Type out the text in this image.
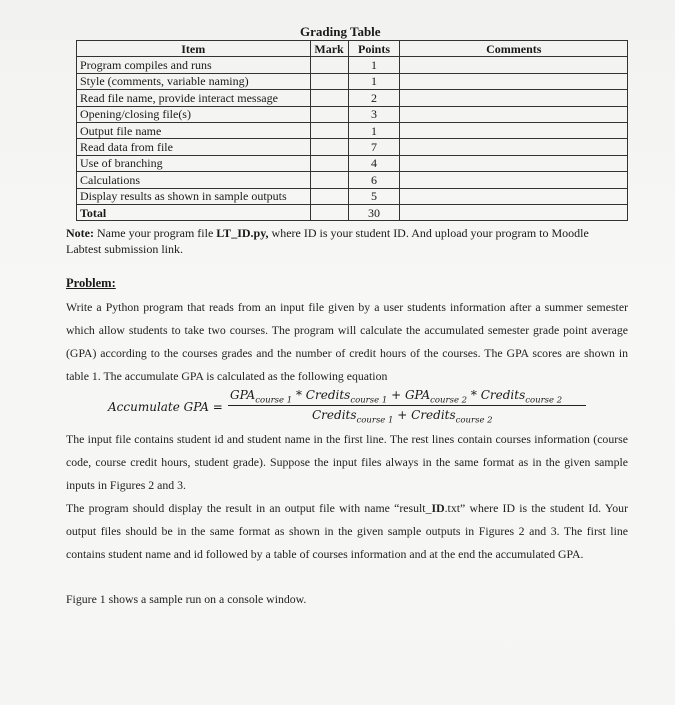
Grading Table
Item	Mark	Points	Comments
Program compiles and runs		1	
Style (comments, variable naming)		1	
Read file name, provide interact message		2	
Opening/closing file(s)		3	
Output file name		1	
Read data from file		7	
Use of branching		4	
Calculations		6	
Display results as shown in sample outputs		5	
Total		30	
Note: Name your program file LT_ID.py, where ID is your student ID. And upload your program to Moodle Labtest submission link.
Problem:
Write a Python program that reads from an input file given by a user students information after a summer semester which allow students to take two courses. The program will calculate the accumulated semester grade point average (GPA) according to the courses grades and the number of credit hours of the courses. The GPA scores are shown in table 1. The accumulate GPA is calculated as the following equation
Accumulate GPA =
$GPA_{course 1}$ * Credits$_{course 1}$ + $GPA_{course 2}$ * Credits$_{course 2}$
Credits$_{course 1}$ + Credits$_{course 2}$
The input file contains student id and student name in the first line. The rest lines contain courses information (course code, course credit hours, student grade). Suppose the input files always in the same format as in the given sample inputs in Figures 2 and 3.
The program should display the result in an output file with name “result_ID.txt” where ID is the student Id. Your output files should be in the same format as shown in the given sample outputs in Figures 2 and 3. The first line contains student name and id followed by a table of courses information and at the end the accumulated GPA.
Figure 1 shows a sample run on a console window.
